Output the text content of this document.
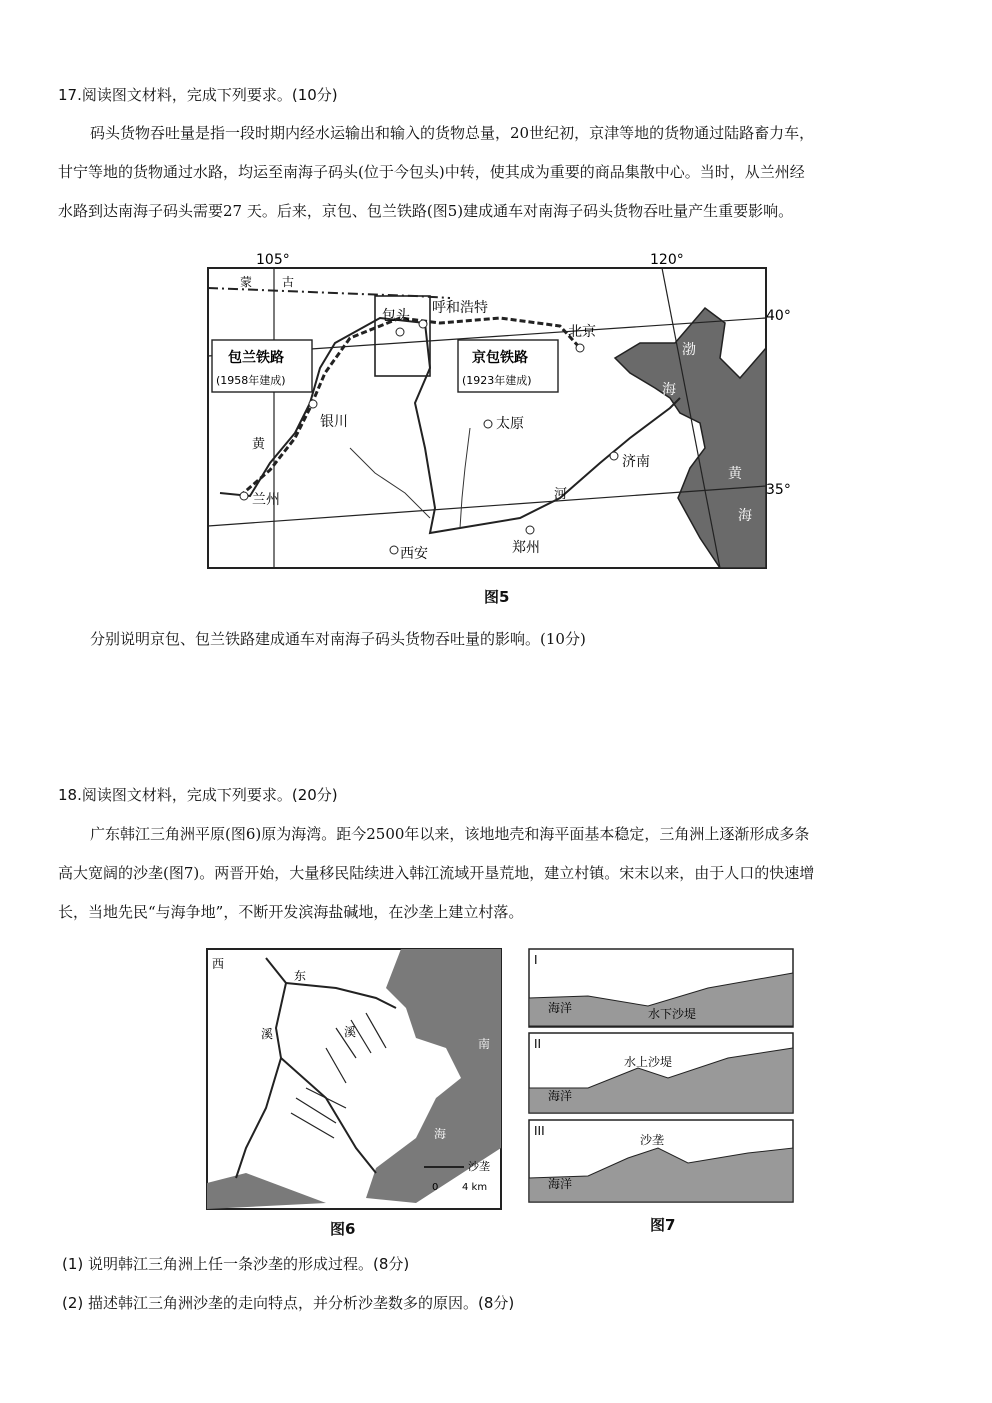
17.阅读图文材料，完成下列要求。(10分)
码头货物吞吐量是指一段时期内经水运输出和输入的货物总量，20世纪初，京津等地的货物通过陆路畜力车，
甘宁等地的货物通过水路，均运至南海子码头(位于今包头)中转，使其成为重要的商品集散中心。当时，从兰州经
水路到达南海子码头需要27 天。后来，京包、包兰铁路(图5)建成通车对南海子码头货物吞吐量产生重要影响。
105°	120°
40°
35°
蒙 古
包头 呼和浩特
北京
银川	太原
济南
兰州
西安	郑州
包兰铁路
(1958年建成)
京包铁路
(1923年建成)
黄
河
渤
海
黄
海
图5
分别说明京包、包兰铁路建成通车对南海子码头货物吞吐量的影响。(10分)
18.阅读图文材料，完成下列要求。(20分)
广东韩江三角洲平原(图6)原为海湾。距今2500年以来，该地地壳和海平面基本稳定，三角洲上逐渐形成多条
高大宽阔的沙垄(图7)。两晋开始，大量移民陆续进入韩江流域开垦荒地，建立村镇。宋末以来，由于人口的快速增
长，当地先民“与海争地”，不断开发滨海盐碱地，在沙垄上建立村落。
西
东
溪	溪
南
海
沙垄
0 4 km
图6
I
海洋	水下沙堤
II
海洋
水上沙堤
III
海洋
沙垄
图7
(1) 说明韩江三角洲上任一条沙垄的形成过程。(8分)
(2) 描述韩江三角洲沙垄的走向特点，并分析沙垄数多的原因。(8分)
